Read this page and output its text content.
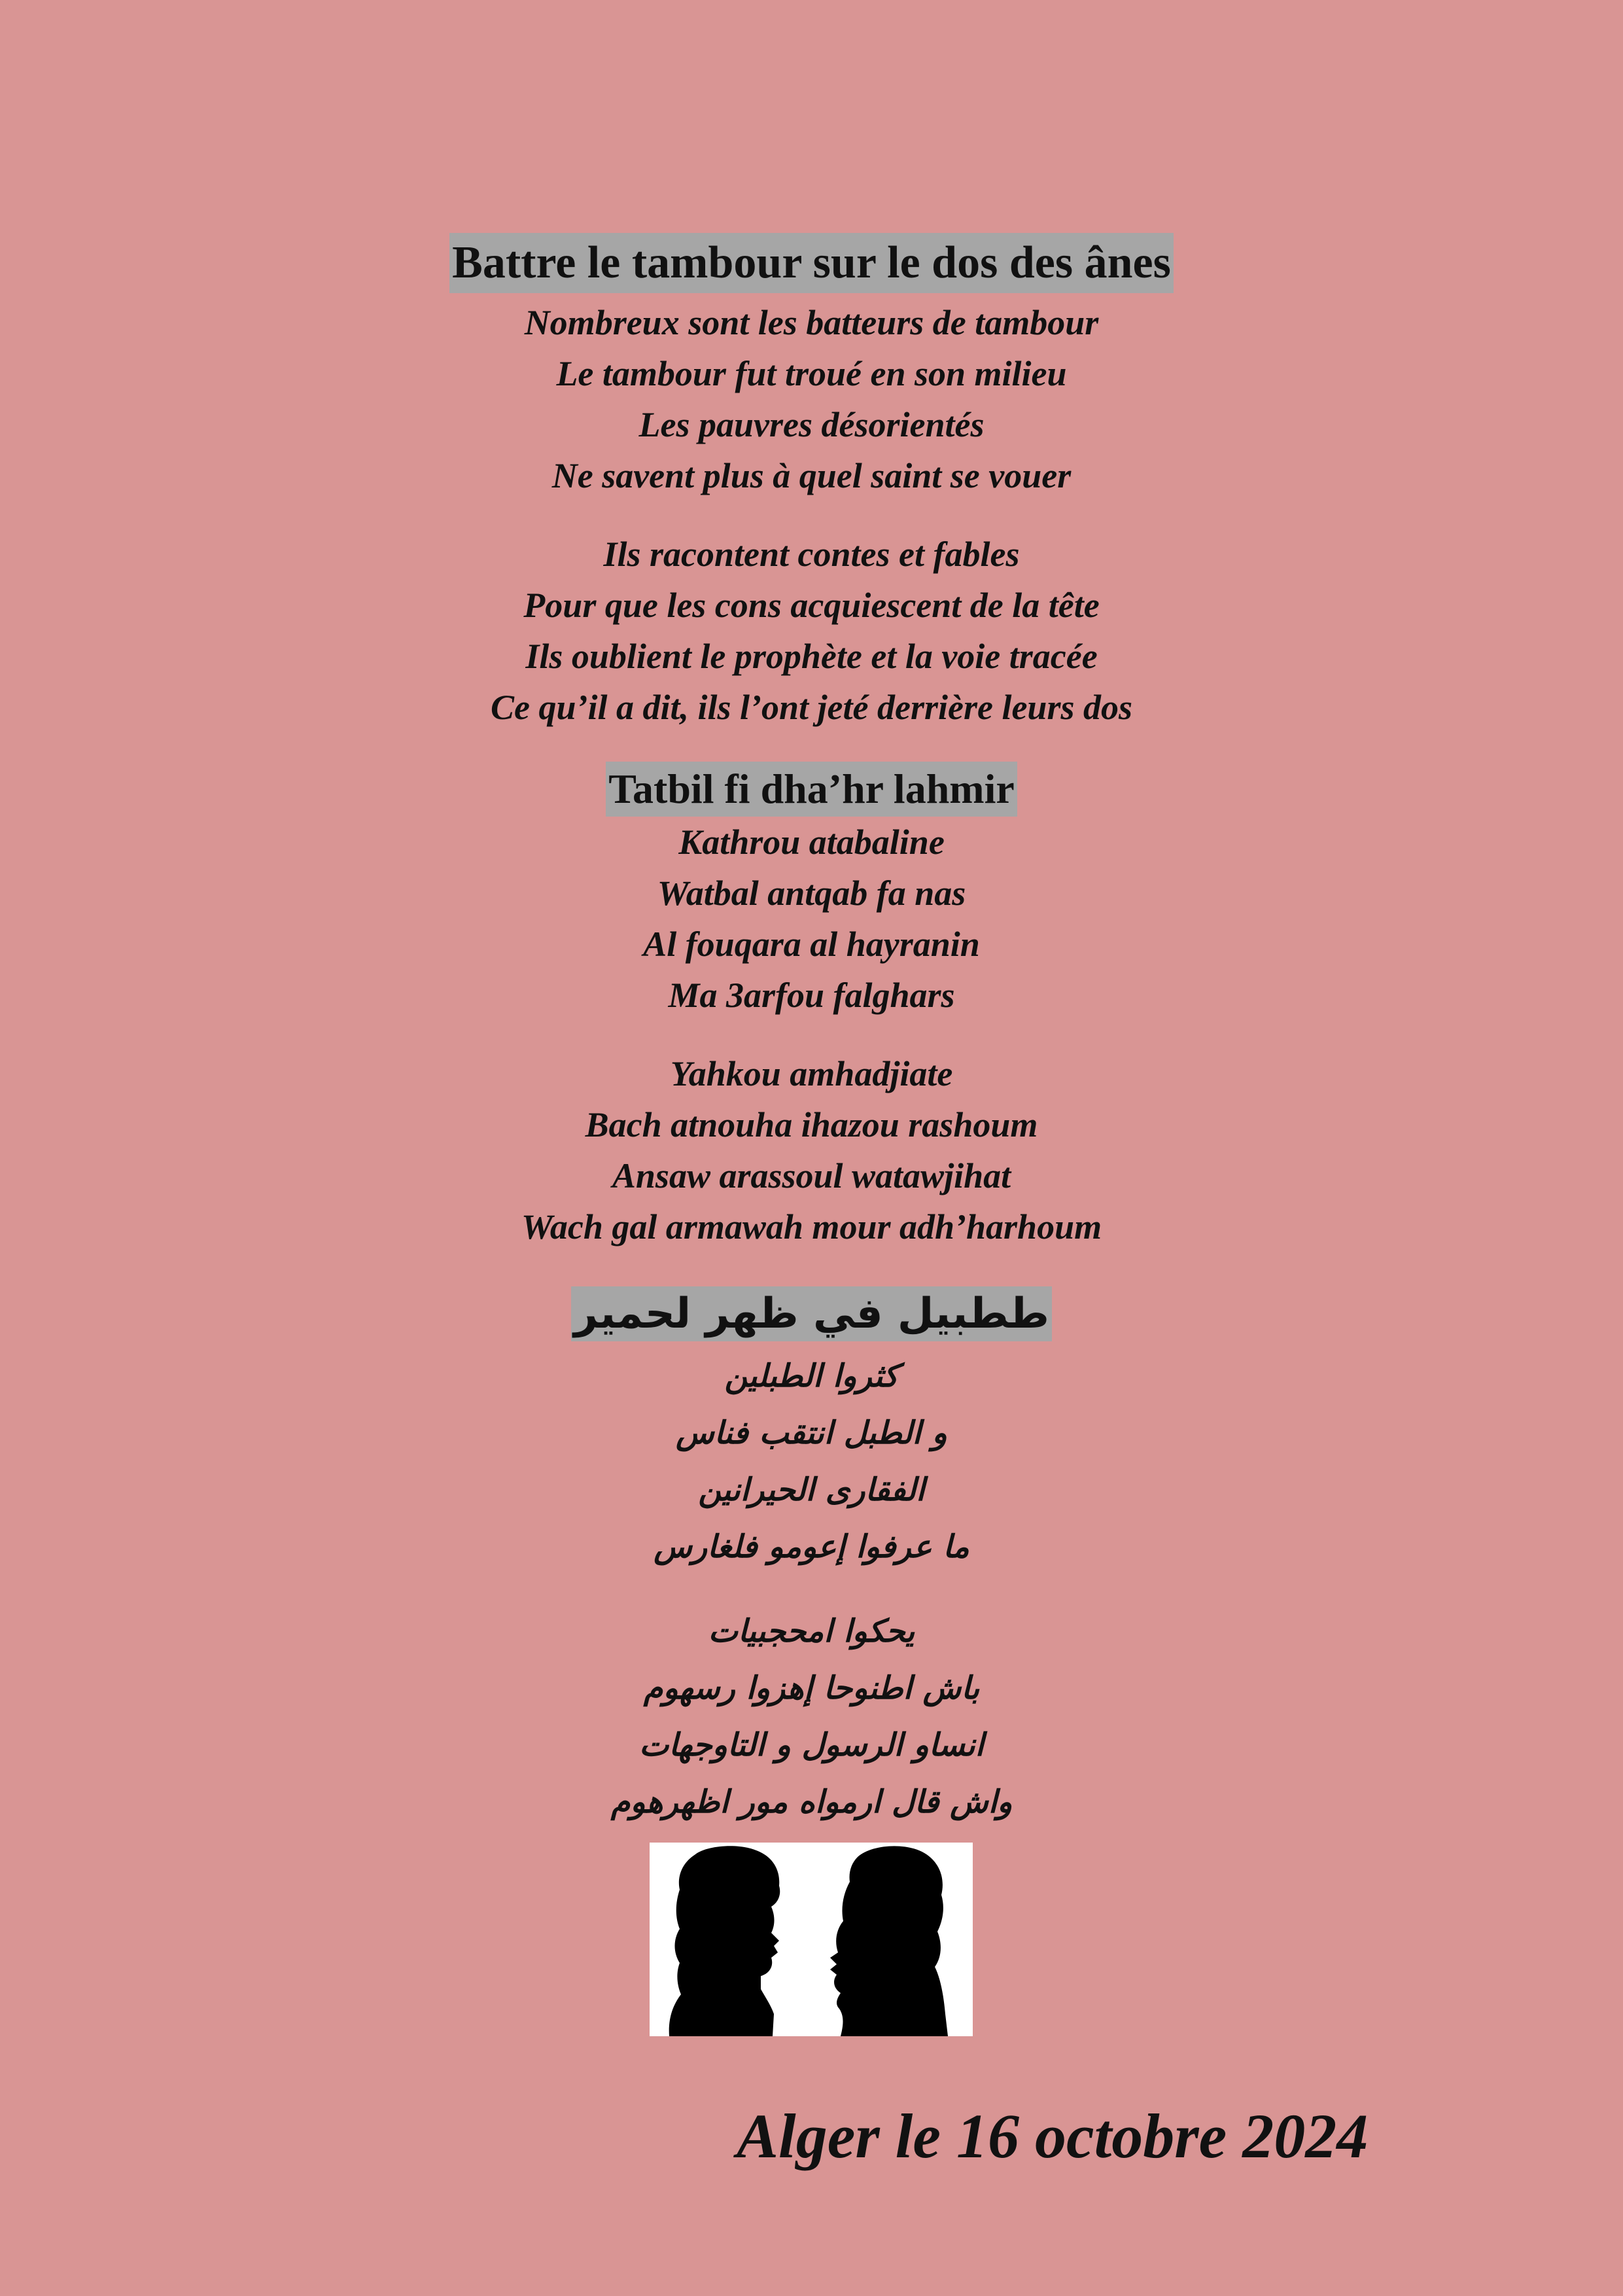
Battre le tambour sur le dos des ânes
Nombreux sont les batteurs de tambour
Le tambour fut troué en son milieu
Les pauvres désorientés
Ne savent plus à quel saint se vouer
Ils racontent contes et fables
Pour que les cons acquiescent de la tête
Ils oublient le prophète et la voie tracée
Ce qu’il a dit, ils l’ont jeté derrière leurs dos
Tatbil fi dha’hr lahmir
Kathrou atabaline
Watbal antqab fa nas
Al fouqara al hayranin
Ma 3arfou falghars
Yahkou amhadjiate
Bach atnouha ihazou rashoum
Ansaw arassoul watawjihat
Wach gal armawah mour adh’harhoum
ططبيل في ظهر لحمير
كثروا الطبلين
و الطبل انتقب فناس
الفقارى الحيرانين
ما عرفوا إعومو فلغارس
يحكوا امحجبيات
باش اطنوحا إهزوا رسهوم
انساو الرسول و التاوجهات
واش قال ارمواه مور اظهرهوم
Alger le 16 octobre 2024
